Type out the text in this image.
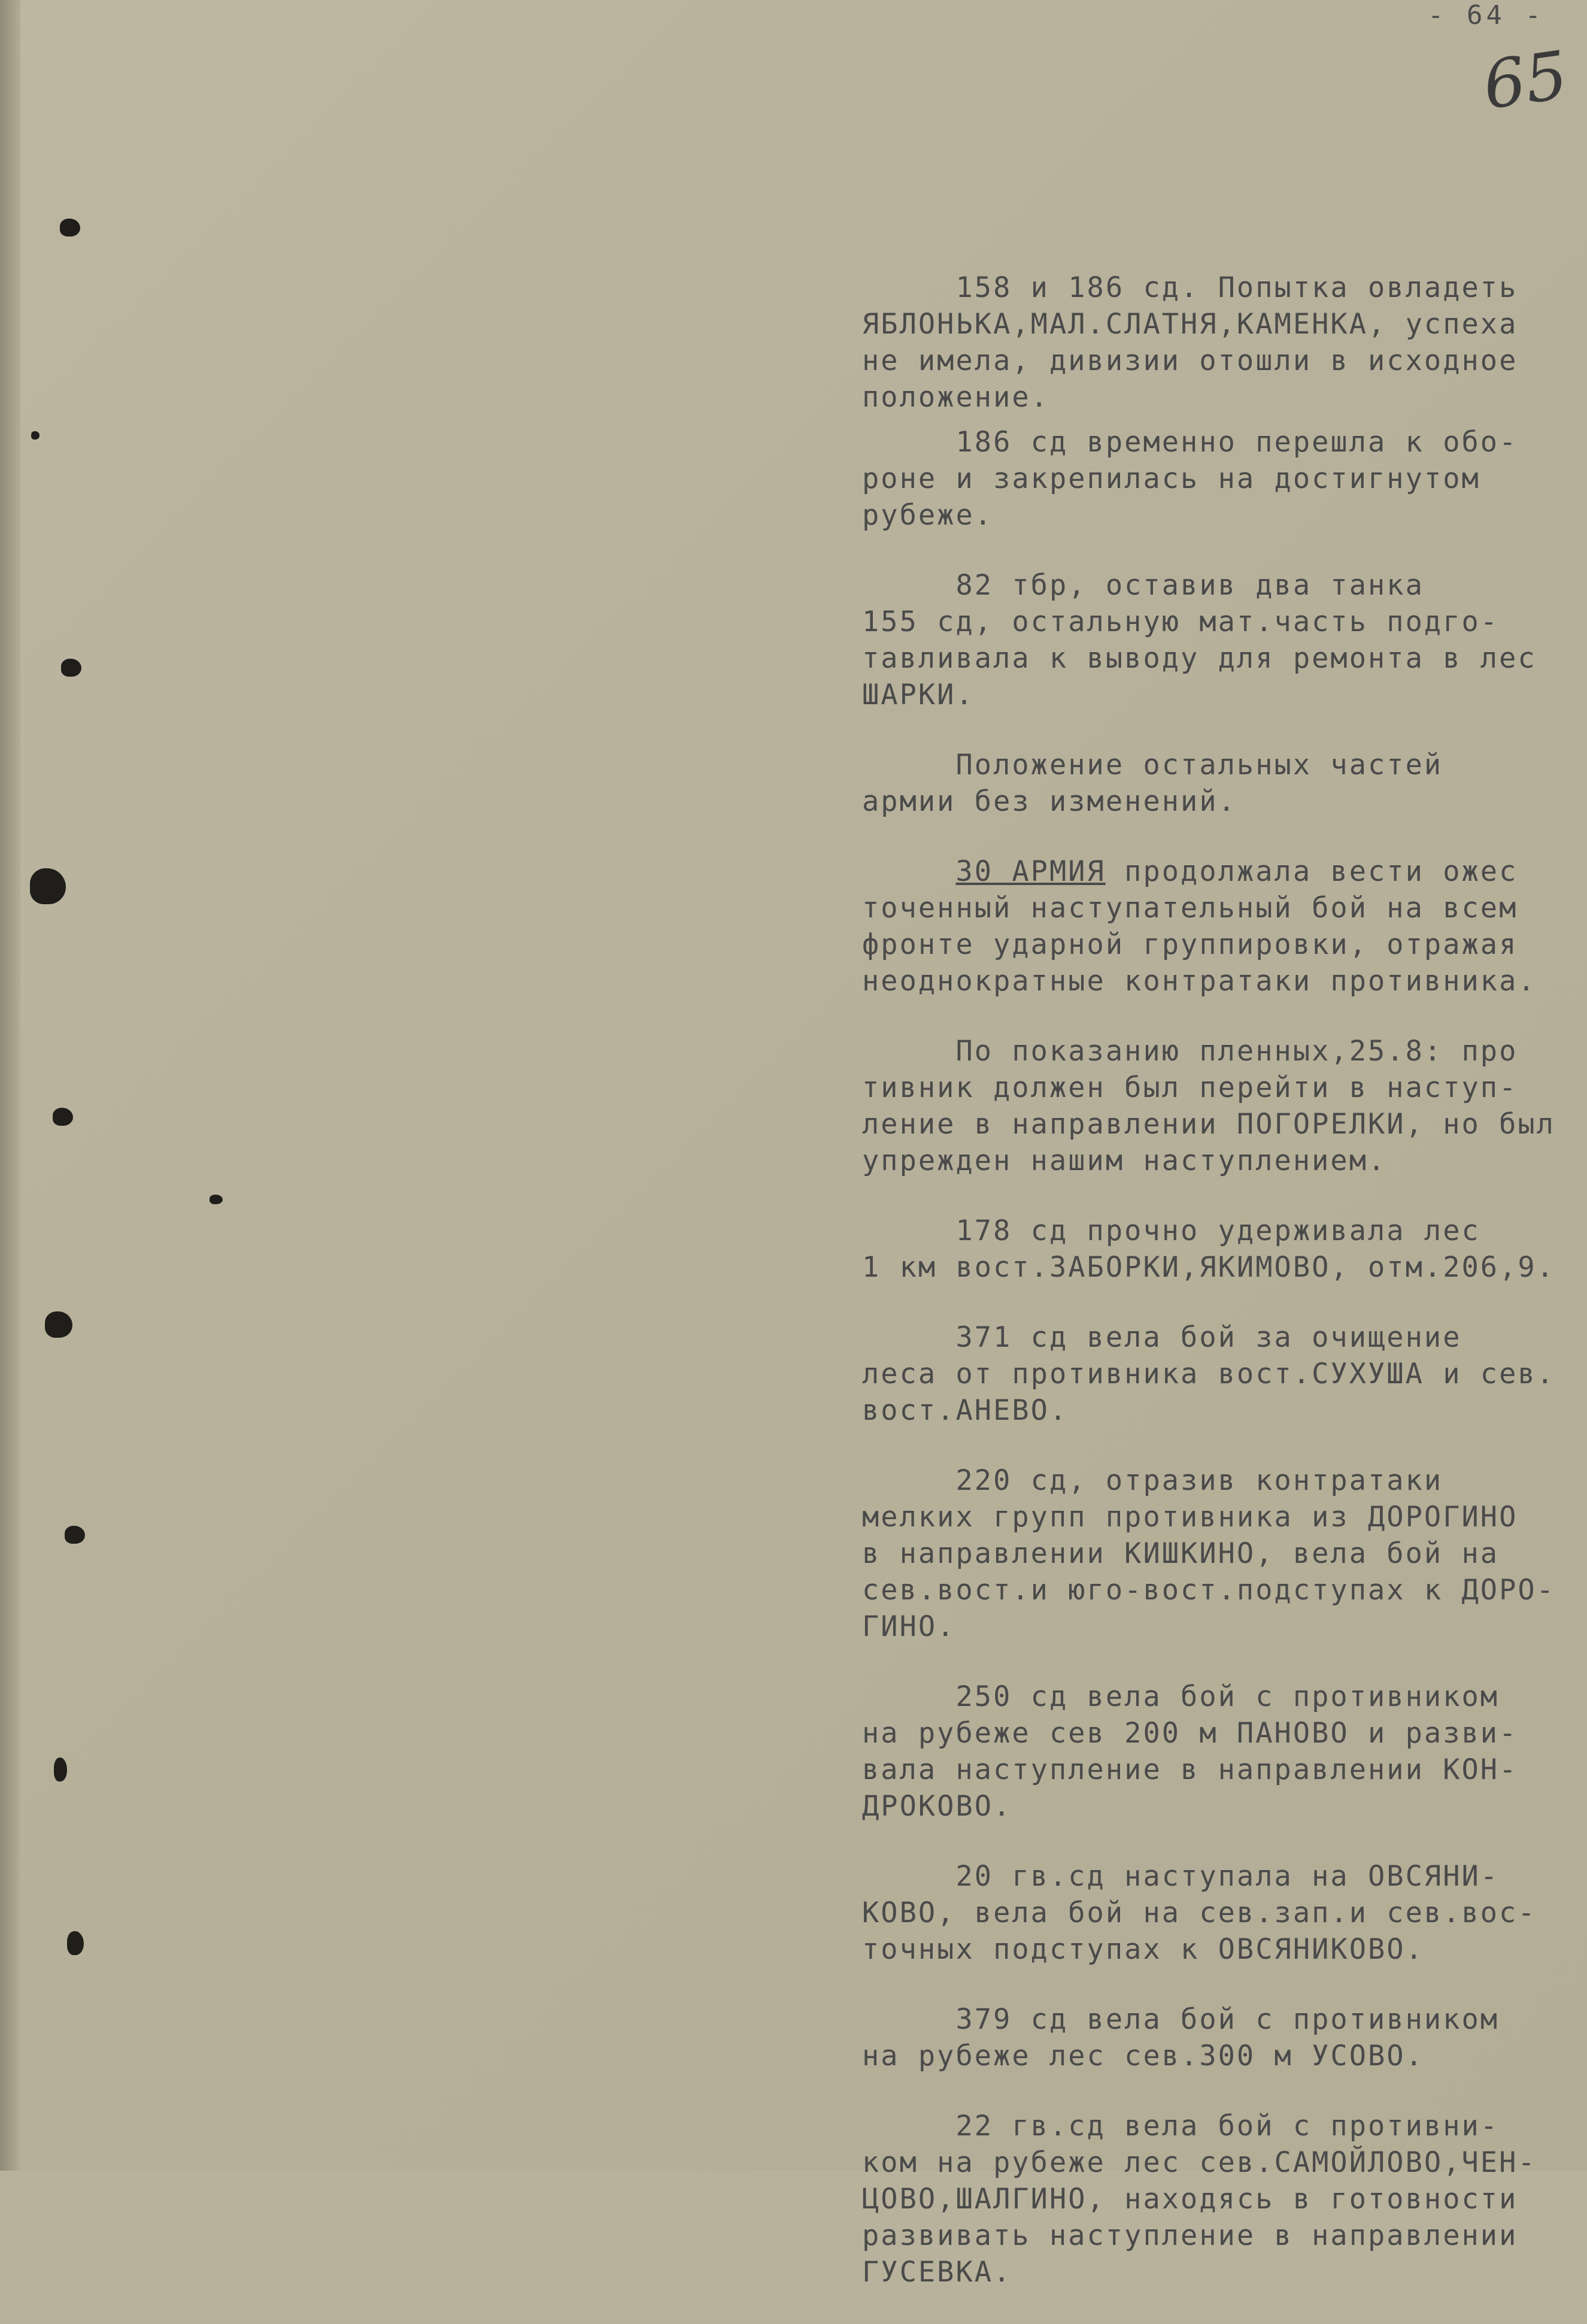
- 64 -
65
158 и 186 сд. Попытка овладеть
ЯБЛОНЬКА,МАЛ.СЛАТНЯ,КАМЕНКА, успеха
не имела, дивизии отошли в исходное
положение.
186 сд временно перешла к обо-
роне и закрепилась на достигнутом
рубеже.
82 тбр, оставив два танка
155 сд, остальную мат.часть подго-
тавливала к выводу для ремонта в лес
ШАРКИ.
Положение остальных частей
армии без изменений.
30 АРМИЯ продолжала вести ожес
точенный наступательный бой на всем
фронте ударной группировки, отражая
неоднократные контратаки противника.
По показанию пленных,25.8: про
тивник должен был перейти в наступ-
ление в направлении ПОГОРЕЛКИ, но был
упрежден нашим наступлением.
178 сд прочно удерживала лес
1 км вост.ЗАБОРКИ,ЯКИМОВО, отм.206,9.
371 сд вела бой за очищение
леса от противника вост.СУХУША и сев.
вост.АНЕВО.
220 сд, отразив контратаки
мелких групп противника из ДОРОГИНО
в направлении КИШКИНО, вела бой на
сев.вост.и юго-вост.подступах к ДОРО-
ГИНО.
250 сд вела бой с противником
на рубеже сев 200 м ПАНОВО и разви-
вала наступление в направлении КОН-
ДРОКОВО.
20 гв.сд наступала на ОВСЯНИ-
КОВО, вела бой на сев.зап.и сев.вос-
точных подступах к ОВСЯНИКОВО.
379 сд вела бой с противником
на рубеже лес сев.300 м УСОВО.
22 гв.сд вела бой с противни-
ком на рубеже лес сев.САМОЙЛОВО,ЧЕН-
ЦОВО,ШАЛГИНО, находясь в готовности
развивать наступление в направлении
ГУСЕВКА.
